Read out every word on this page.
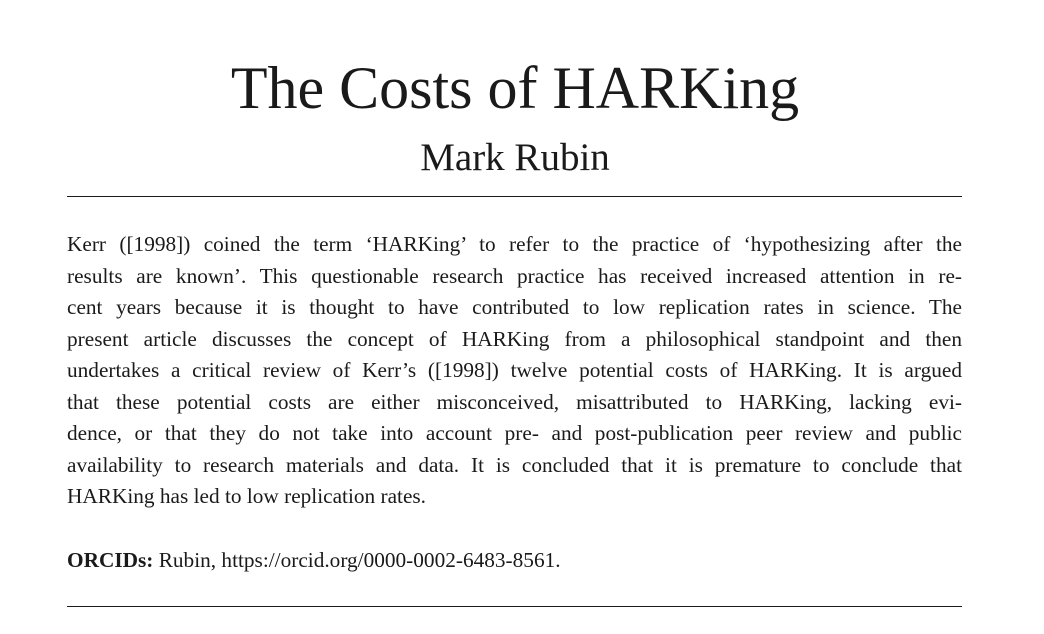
The Costs of HARKing
Mark Rubin

Kerr ([1998]) coined the term ‘HARKing’ to refer to the practice of ‘hypothesizing after the
results are known’. This questionable research practice has received increased attention in re-
cent years because it is thought to have contributed to low replication rates in science. The
present article discusses the concept of HARKing from a philosophical standpoint and then
undertakes a critical review of Kerr’s ([1998]) twelve potential costs of HARKing. It is argued
that these potential costs are either misconceived, misattributed to HARKing, lacking evi-
dence, or that they do not take into account pre- and post-publication peer review and public
availability to research materials and data. It is concluded that it is premature to conclude that
HARKing has led to low replication rates.

ORCIDs: Rubin, https://orcid.org/0000-0002-6483-8561.
